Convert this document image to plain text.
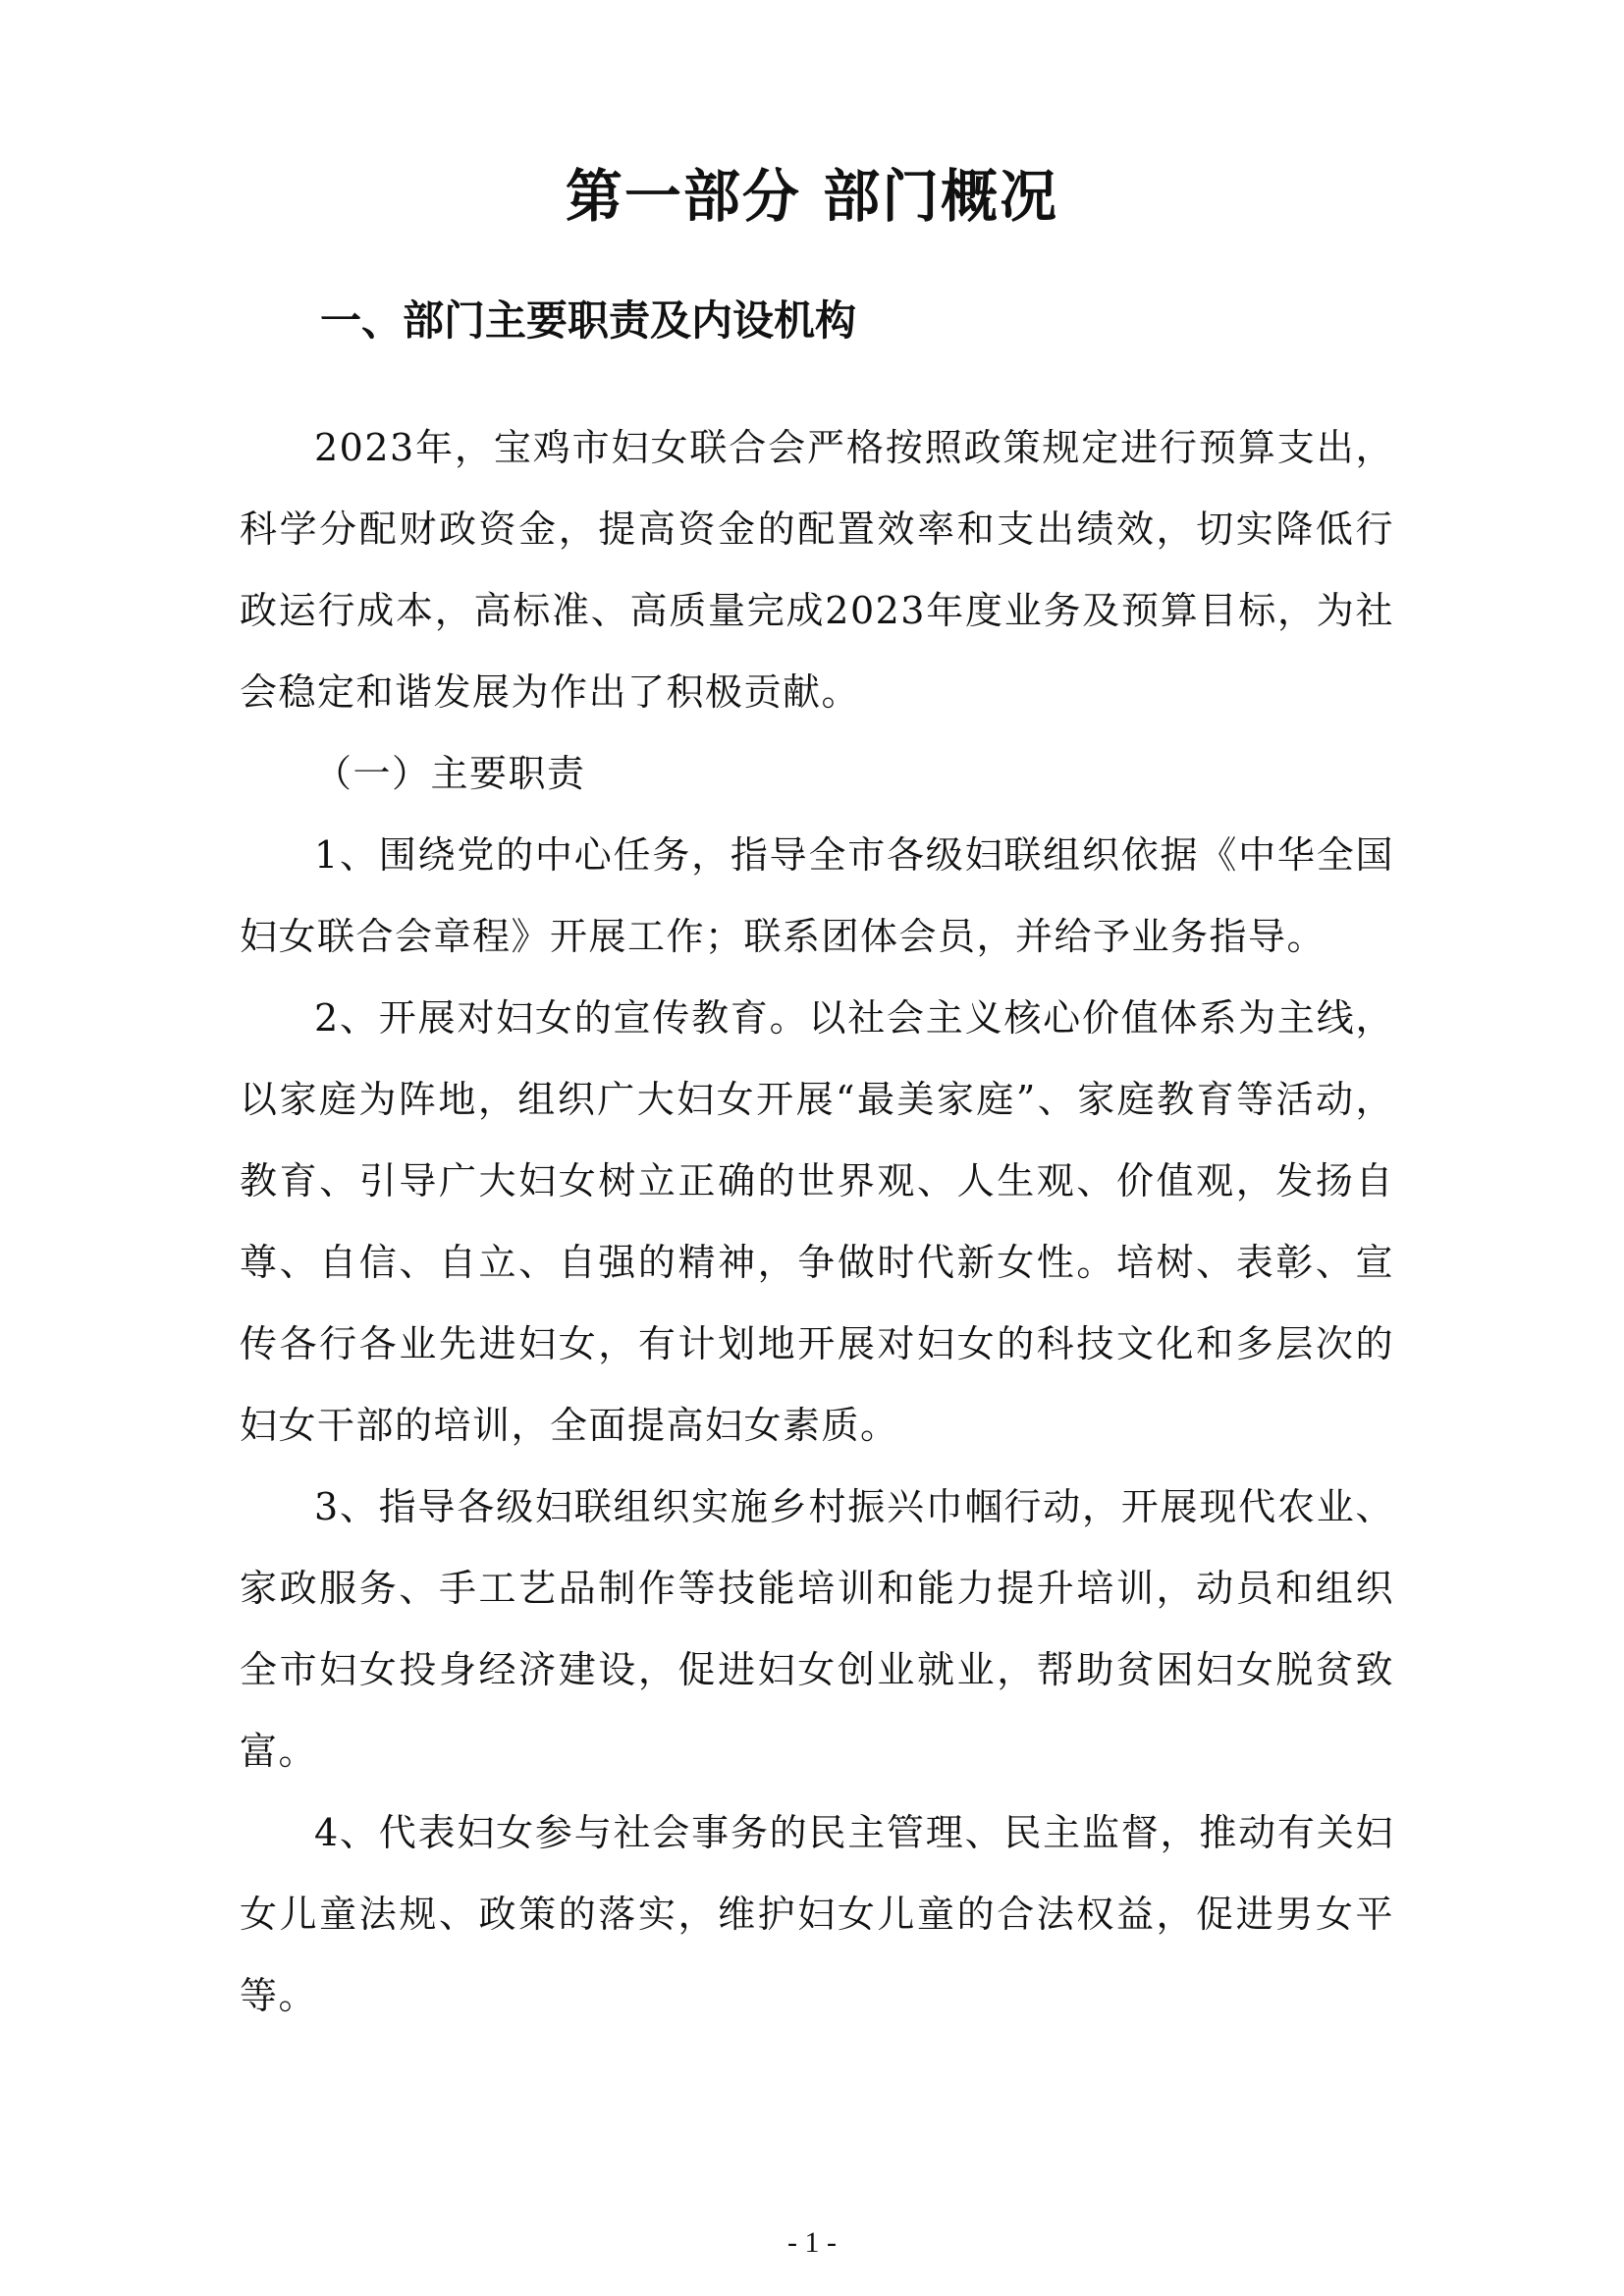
第一部分 部门概况
一、部门主要职责及内设机构

2023年，宝鸡市妇女联合会严格按照政策规定进行预算支出，科学分配财政资金，提高资金的配置效率和支出绩效，切实降低行政运行成本，高标准、高质量完成2023年度业务及预算目标，为社会稳定和谐发展为作出了积极贡献。

（一）主要职责

1、围绕党的中心任务，指导全市各级妇联组织依据《中华全国妇女联合会章程》开展工作；联系团体会员，并给予业务指导。

2、开展对妇女的宣传教育。以社会主义核心价值体系为主线，以家庭为阵地，组织广大妇女开展“最美家庭”、家庭教育等活动，教育、引导广大妇女树立正确的世界观、人生观、价值观，发扬自尊、自信、自立、自强的精神，争做时代新女性。培树、表彰、宣传各行各业先进妇女，有计划地开展对妇女的科技文化和多层次的妇女干部的培训，全面提高妇女素质。

3、指导各级妇联组织实施乡村振兴巾帼行动，开展现代农业、家政服务、手工艺品制作等技能培训和能力提升培训，动员和组织全市妇女投身经济建设，促进妇女创业就业，帮助贫困妇女脱贫致富。

4、代表妇女参与社会事务的民主管理、民主监督，推动有关妇女儿童法规、政策的落实，维护妇女儿童的合法权益，促进男女平等。

- 1 -
